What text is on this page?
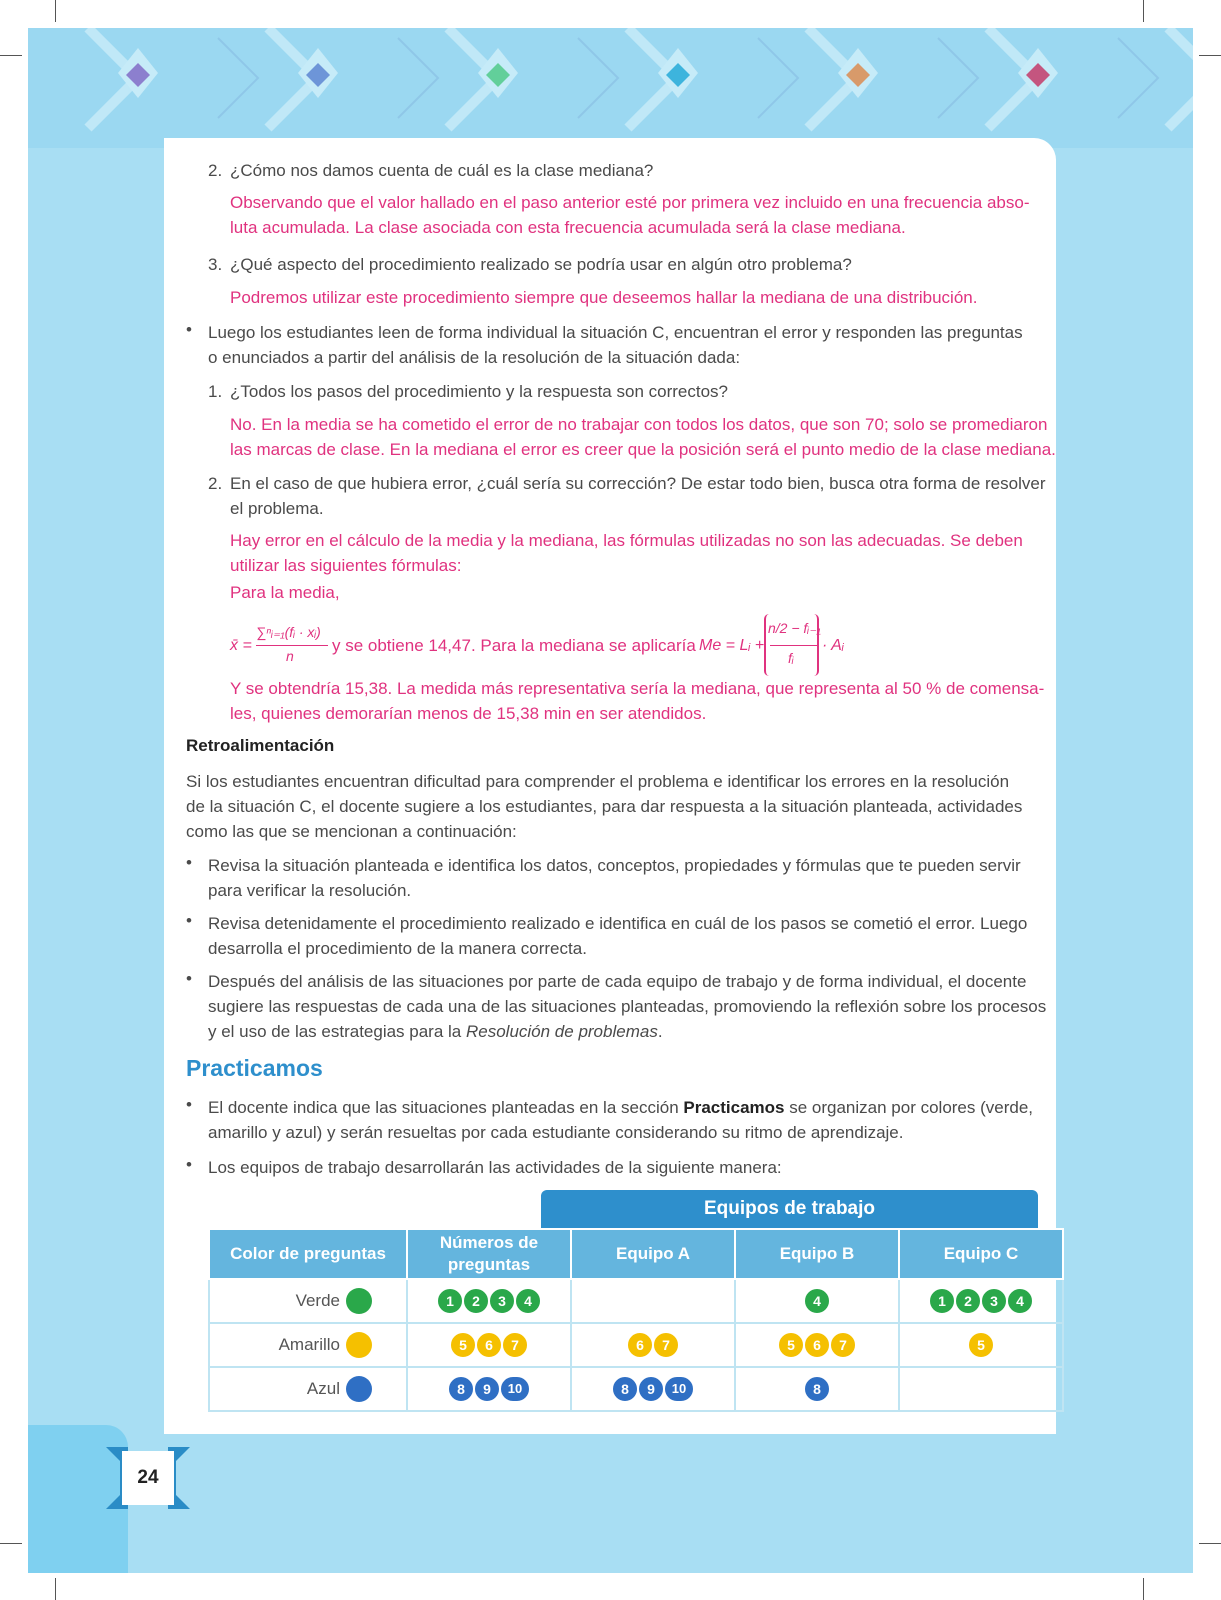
24
2. ¿Cómo nos damos cuenta de cuál es la clase mediana?
Observando que el valor hallado en el paso anterior esté por primera vez incluido en una frecuencia abso-
luta acumulada. La clase asociada con esta frecuencia acumulada será la clase mediana.
3. ¿Qué aspecto del procedimiento realizado se podría usar en algún otro problema?
Podremos utilizar este procedimiento siempre que deseemos hallar la mediana de una distribución.
• Luego los estudiantes leen de forma individual la situación C, encuentran el error y responden las preguntas
o enunciados a partir del análisis de la resolución de la situación dada:
1. ¿Todos los pasos del procedimiento y la respuesta son correctos?
No. En la media se ha cometido el error de no trabajar con todos los datos, que son 70; solo se promediaron
las marcas de clase. En la mediana el error es creer que la posición será el punto medio de la clase mediana.
2. En el caso de que hubiera error, ¿cuál sería su corrección? De estar todo bien, busca otra forma de resolver
el problema.
Hay error en el cálculo de la media y la mediana, las fórmulas utilizadas no son las adecuadas. Se deben
utilizar las siguientes fórmulas:
Para la media,
x̄ =
∑ⁿᵢ₌₁(fᵢ · xᵢ)
n
y se obtiene 14,47. Para la mediana se aplicaría Me = Lᵢ +
n/2 − fᵢ₋₁
fᵢ
· Aᵢ
Y se obtendría 15,38. La medida más representativa sería la mediana, que representa al 50 % de comensa-
les, quienes demorarían menos de 15,38 min en ser atendidos.
Retroalimentación
Si los estudiantes encuentran dificultad para comprender el problema e identificar los errores en la resolución
de la situación C, el docente sugiere a los estudiantes, para dar respuesta a la situación planteada, actividades
como las que se mencionan a continuación:
• Revisa la situación planteada e identifica los datos, conceptos, propiedades y fórmulas que te pueden servir
para verificar la resolución.
• Revisa detenidamente el procedimiento realizado e identifica en cuál de los pasos se cometió el error. Luego
desarrolla el procedimiento de la manera correcta.
• Después del análisis de las situaciones por parte de cada equipo de trabajo y de forma individual, el docente
sugiere las respuestas de cada una de las situaciones planteadas, promoviendo la reflexión sobre los procesos
y el uso de las estrategias para la Resolución de problemas.
Practicamos
• El docente indica que las situaciones planteadas en la sección Practicamos se organizan por colores (verde,
amarillo y azul) y serán resueltas por cada estudiante considerando su ritmo de aprendizaje.
• Los equipos de trabajo desarrollarán las actividades de la siguiente manera:
Equipos de trabajo
Color de preguntas	Números de preguntas	Equipo A	Equipo B	Equipo C
Verde	1 2 3 4		4	1 2 3 4
Amarillo	5 6 7	6 7	5 6 7	5
Azul	8 9 10	8 9 10	8	
